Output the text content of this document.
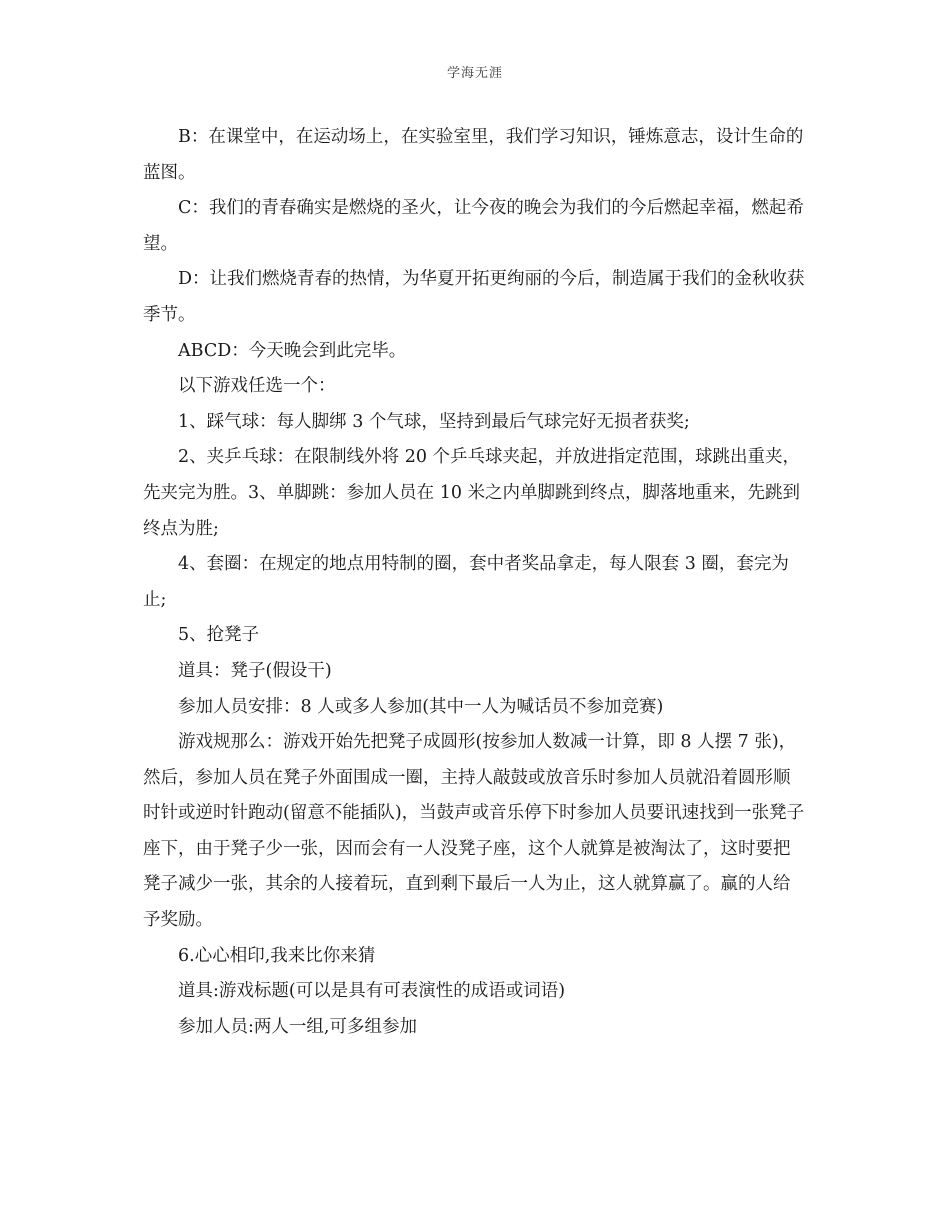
学海无涯

B：在课堂中，在运动场上，在实验室里，我们学习知识，锤炼意志，设计生命的蓝图。

C：我们的青春确实是燃烧的圣火，让今夜的晚会为我们的今后燃起幸福，燃起希望。

D：让我们燃烧青春的热情，为华夏开拓更绚丽的今后，制造属于我们的金秋收获季节。

ABCD：今天晚会到此完毕。

以下游戏任选一个：

1、踩气球：每人脚绑 3 个气球，坚持到最后气球完好无损者获奖;

2、夹乒乓球：在限制线外将 20 个乒乓球夹起，并放进指定范围，球跳出重夹，先夹完为胜。3、单脚跳：参加人员在 10 米之内单脚跳到终点，脚落地重来，先跳到终点为胜;

4、套圈：在规定的地点用特制的圈，套中者奖品拿走，每人限套 3 圈，套完为止;

5、抢凳子

道具：凳子(假设干)

参加人员安排：8 人或多人参加(其中一人为喊话员不参加竞赛)

游戏规那么：游戏开始先把凳子成圆形(按参加人数减一计算，即 8 人摆 7 张)，然后，参加人员在凳子外面围成一圈，主持人敲鼓或放音乐时参加人员就沿着圆形顺时针或逆时针跑动(留意不能插队)，当鼓声或音乐停下时参加人员要讯速找到一张凳子座下，由于凳子少一张，因而会有一人没凳子座，这个人就算是被淘汰了，这时要把凳子减少一张，其余的人接着玩，直到剩下最后一人为止，这人就算赢了。赢的人给予奖励。

6.心心相印,我来比你来猜

道具:游戏标题(可以是具有可表演性的成语或词语)

参加人员:两人一组,可多组参加
